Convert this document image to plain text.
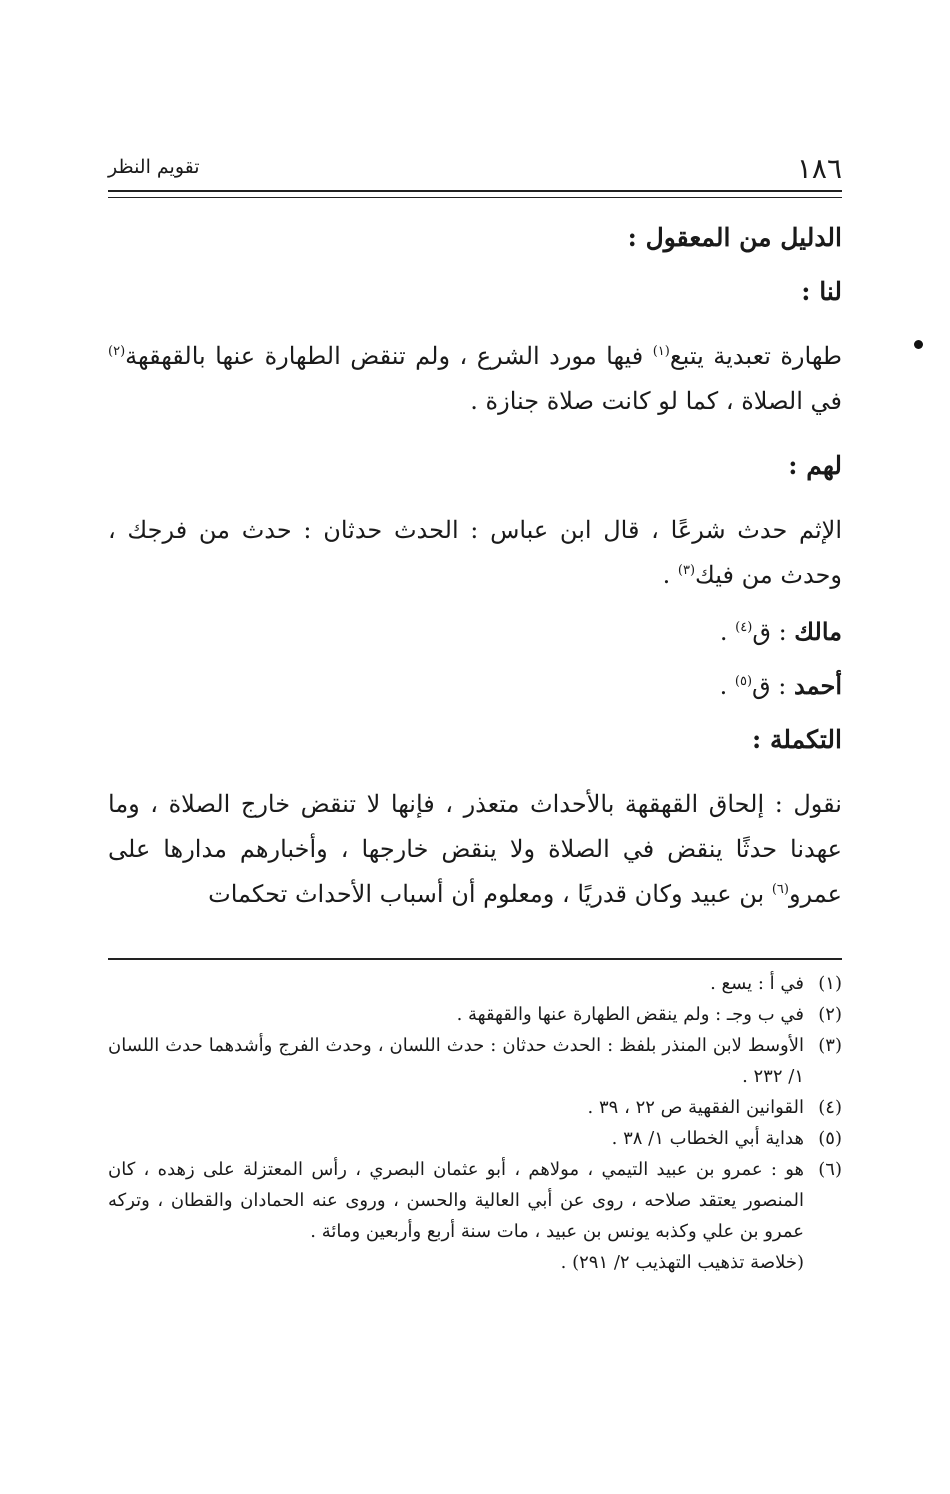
١٨٦
تقويم النظر

الدليل من المعقول :

لنا :

طهارة تعبدية يتبع$^{(١)}$ فيها مورد الشرع ، ولم تنقض الطهارة عنها بالقهقهة$^{(٢)}$ في الصلاة ، كما لو كانت صلاة جنازة .

لهم :

الإثم حدث شرعًا ، قال ابن عباس : الحدث حدثان : حدث من فرجك ، وحدث من فيك$^{(٣)}$ .

مالك : ق$^{(٤)}$ .

أحمد : ق$^{(٥)}$ .

التكملة :

نقول : إلحاق القهقهة بالأحداث متعذر ، فإنها لا تنقض خارج الصلاة ، وما عهدنا حدثًا ينقض في الصلاة ولا ينقض خارجها ، وأخبارهم مدارها على عمرو$^{(٦)}$ بن عبيد وكان قدريًا ، ومعلوم أن أسباب الأحداث تحكمات

(١)
في أ : يسع .

(٢)
في ب وجـ : ولم ينقض الطهارة عنها والقهقهة .

(٣)
الأوسط لابن المنذر بلفظ : الحدث حدثان : حدث اللسان ، وحدث الفرج وأشدهما حدث اللسان ١/ ٢٣٢ .

(٤)
القوانين الفقهية ص ٢٢ ، ٣٩ .

(٥)
هداية أبي الخطاب ١/ ٣٨ .

(٦)
هو : عمرو بن عبيد التيمي ، مولاهم ، أبو عثمان البصري ، رأس المعتزلة على زهده ، كان المنصور يعتقد صلاحه ، روى عن أبي العالية والحسن ، وروى عنه الحمادان والقطان ، وتركه عمرو بن علي وكذبه يونس بن عبيد ، مات سنة أربع وأربعين ومائة .

(خلاصة تذهيب التهذيب ٢/ ٢٩١) .
